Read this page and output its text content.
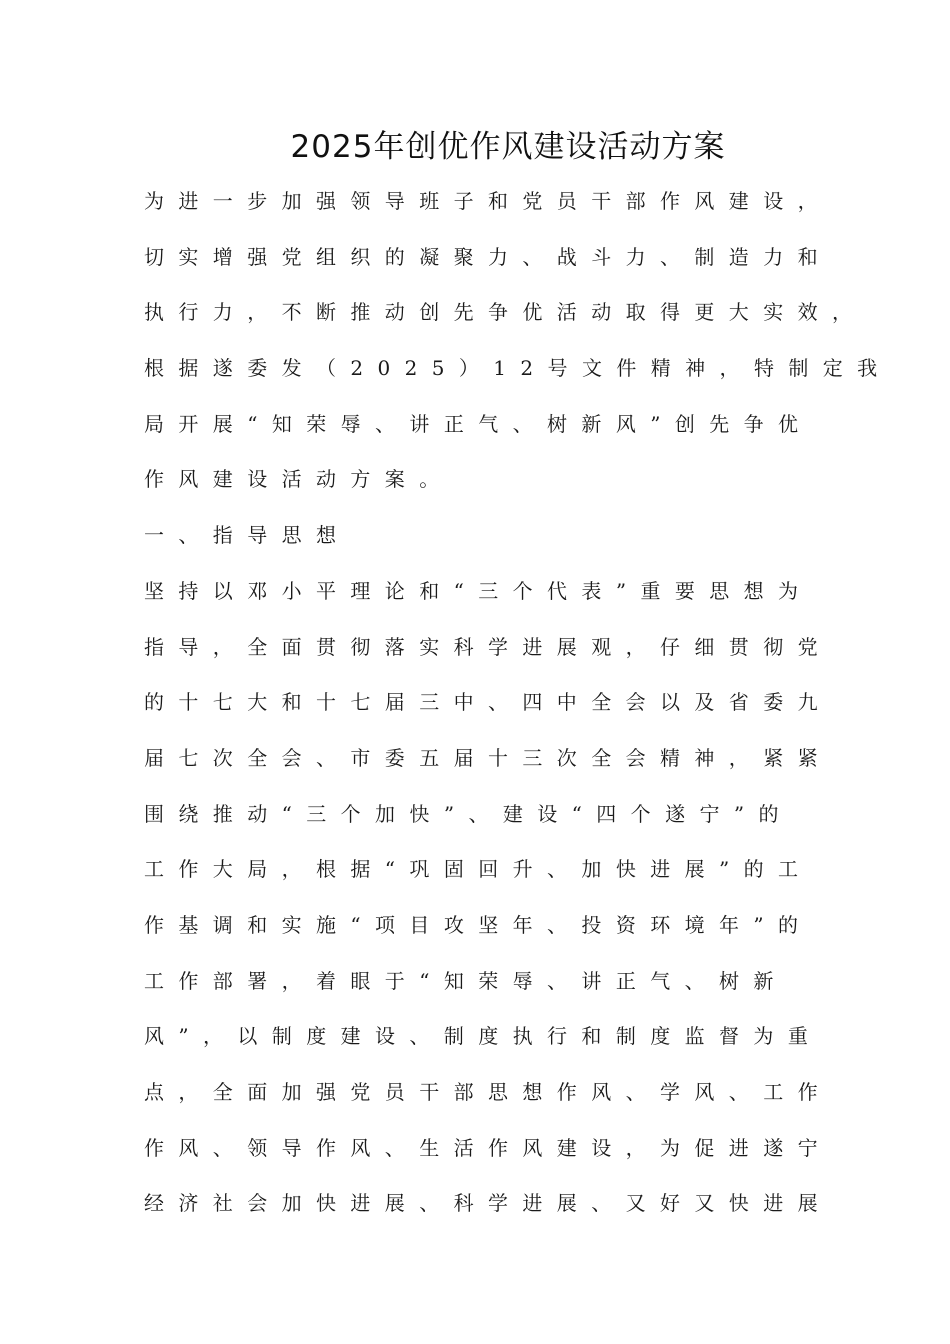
2025年创优作风建设活动方案
为进一步加强领导班子和党员干部作风建设，
切实增强党组织的凝聚力、战斗力、制造力和
执行力，不断推动创先争优活动取得更大实效，
根据遂委发（2025）12号文件精神，特制定我
局开展“知荣辱、讲正气、树新风”创先争优
作风建设活动方案。
一、指导思想
坚持以邓小平理论和“三个代表”重要思想为
指导，全面贯彻落实科学进展观，仔细贯彻党
的十七大和十七届三中、四中全会以及省委九
届七次全会、市委五届十三次全会精神，紧紧
围绕推动“三个加快”、建设“四个遂宁”的
工作大局，根据“巩固回升、加快进展”的工
作基调和实施“项目攻坚年、投资环境年”的
工作部署，着眼于“知荣辱、讲正气、树新
风”，以制度建设、制度执行和制度监督为重
点，全面加强党员干部思想作风、学风、工作
作风、领导作风、生活作风建设，为促进遂宁
经济社会加快进展、科学进展、又好又快进展
